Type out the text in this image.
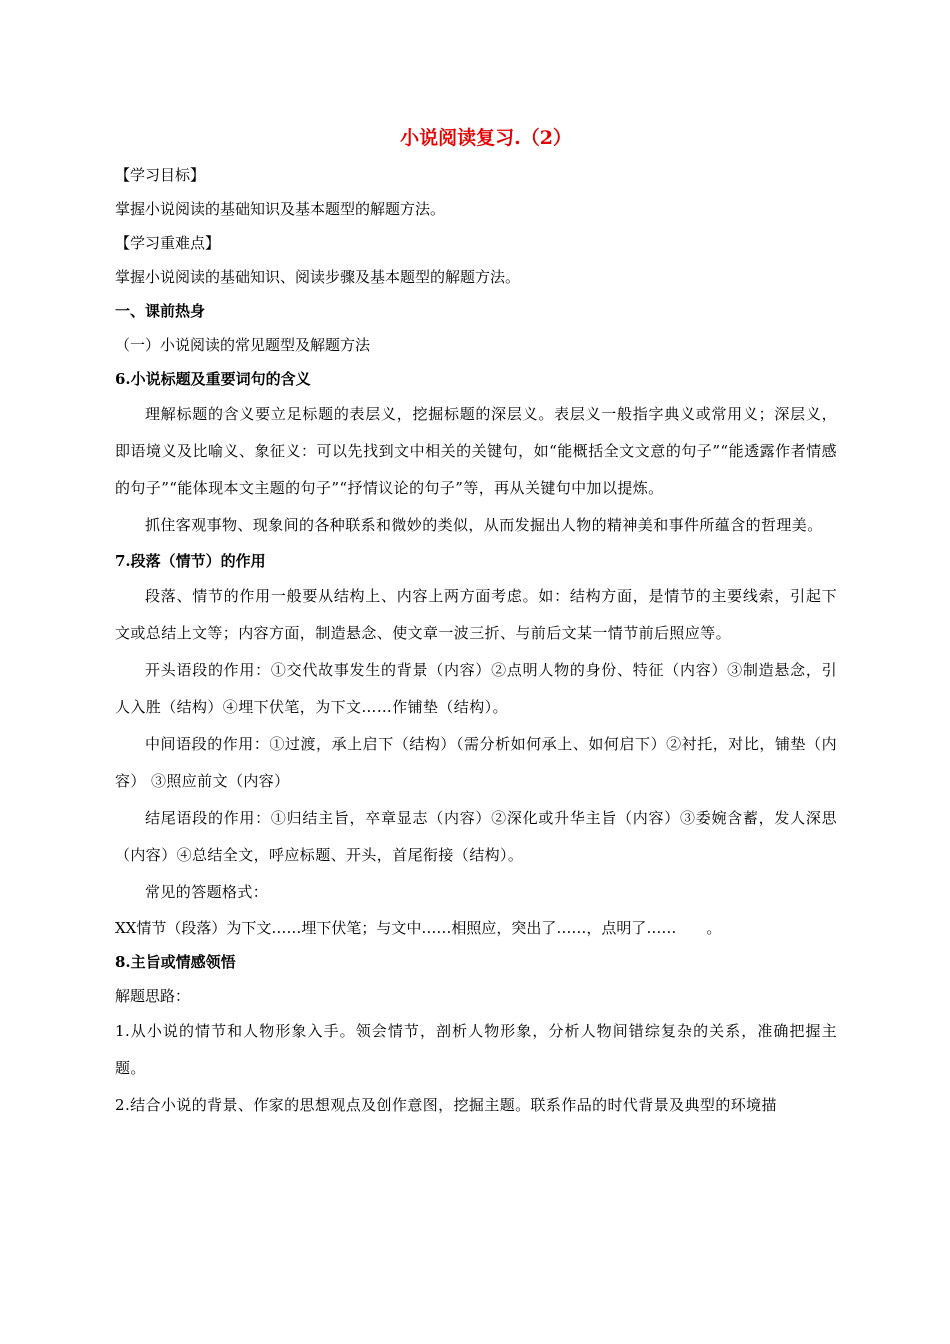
小说阅读复习.（2）

【学习目标】

掌握小说阅读的基础知识及基本题型的解题方法。

【学习重难点】

掌握小说阅读的基础知识、阅读步骤及基本题型的解题方法。

一、课前热身

（一）小说阅读的常见题型及解题方法

6.小说标题及重要词句的含义

理解标题的含义要立足标题的表层义，挖掘标题的深层义。表层义一般指字典义或常用义；深层义，即语境义及比喻义、象征义：可以先找到文中相关的关键句，如“能概括全文文意的句子”“能透露作者情感的句子”“能体现本文主题的句子”“抒情议论的句子”等，再从关键句中加以提炼。

抓住客观事物、现象间的各种联系和微妙的类似，从而发掘出人物的精神美和事件所蕴含的哲理美。

7.段落（情节）的作用

段落、情节的作用一般要从结构上、内容上两方面考虑。如：结构方面，是情节的主要线索，引起下文或总结上文等；内容方面，制造悬念、使文章一波三折、与前后文某一情节前后照应等。

开头语段的作用：①交代故事发生的背景（内容）②点明人物的身份、特征（内容）③制造悬念，引人入胜（结构）④埋下伏笔，为下文……作铺垫（结构）。

中间语段的作用：①过渡，承上启下（结构）（需分析如何承上、如何启下）②衬托，对比，铺垫（内容） ③照应前文（内容）

结尾语段的作用：①归结主旨，卒章显志（内容）②深化或升华主旨（内容）③委婉含蓄，发人深思（内容）④总结全文，呼应标题、开头，首尾衔接（结构）。

常见的答题格式：

XX情节（段落）为下文……埋下伏笔；与文中……相照应，突出了……，点明了……　　。

8.主旨或情感领悟

解题思路：

1.从小说的情节和人物形象入手。领会情节，剖析人物形象，分析人物间错综复杂的关系，准确把握主题。

2.结合小说的背景、作家的思想观点及创作意图，挖掘主题。联系作品的时代背景及典型的环境描
